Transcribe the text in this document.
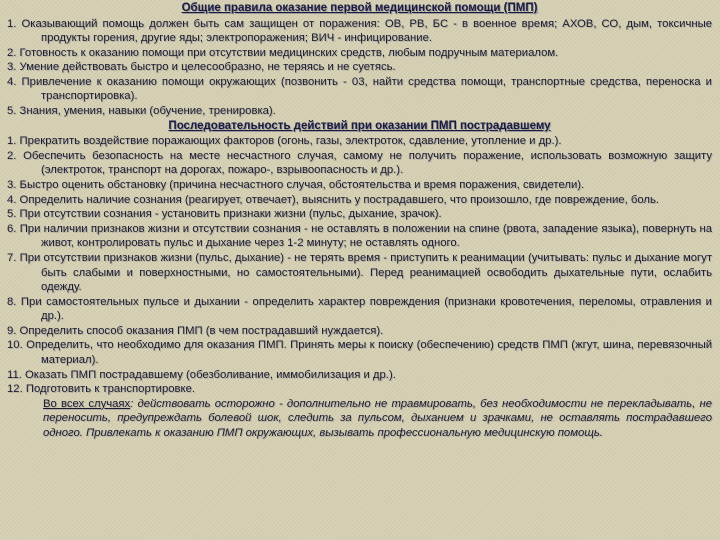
Общие правила оказание первой медицинской помощи (ПМП)

1. Оказывающий помощь должен быть сам защищен от поражения: ОВ, РВ, БС - в военное время; АХОВ, СО, дым, токсичные продукты горения, другие яды; электропоражения; ВИЧ - инфицирование.

2. Готовность к оказанию помощи при отсутствии медицинских средств, любым подручным материалом.

3. Умение действовать быстро и целесообразно, не теряясь и не суетясь.

4. Привлечение к оказанию помощи окружающих (позвонить - 03, найти средства помощи, транспортные средства, переноска и транспортировка).

5. Знания, умения, навыки (обучение, тренировка).

Последовательность действий при оказании ПМП пострадавшему

1. Прекратить воздействие поражающих факторов (огонь, газы, электроток, сдавление, утопление и др.).

2. Обеспечить безопасность на месте несчастного случая, самому не получить поражение, использовать возможную защиту (электроток, транспорт на дорогах, пожаро-, взрывоопасность и др.).

3. Быстро оценить обстановку (причина несчастного случая, обстоятельства и время поражения, свидетели).

4. Определить наличие сознания (реагирует, отвечает), выяснить у пострадавшего, что произошло, где повреждение, боль.

5. При отсутствии сознания - установить признаки жизни (пульс, дыхание, зрачок).

6. При наличии признаков жизни и отсутствии сознания - не оставлять в положении на спине (рвота, западение языка), повернуть на живот, контролировать пульс и дыхание через 1-2 минуту; не оставлять одного.

7. При отсутствии признаков жизни (пульс, дыхание) - не терять время - приступить к реанимации (учитывать: пульс и дыхание могут быть слабыми и поверхностными, но самостоятельными). Перед реанимацией освободить дыхательные пути, ослабить одежду.

8. При самостоятельных пульсе и дыхании - определить характер повреждения (признаки кровотечения, переломы, отравления и др.).

9. Определить способ оказания ПМП (в чем пострадавший нуждается).

10. Определить, что необходимо для оказания ПМП. Принять меры к поиску (обеспечению) средств ПМП (жгут, шина, перевязочный материал).

11. Оказать ПМП пострадавшему (обезболивание, иммобилизация и др.).

12. Подготовить к транспортировке.

Во всех случаях: действовать осторожно - дополнительно не травмировать, без необходимости не перекладывать, не переносить, предупреждать болевой шок, следить за пульсом, дыханием и зрачками, не оставлять пострадавшего одного. Привлекать к оказанию ПМП окружающих, вызывать профессиональную медицинскую помощь.
